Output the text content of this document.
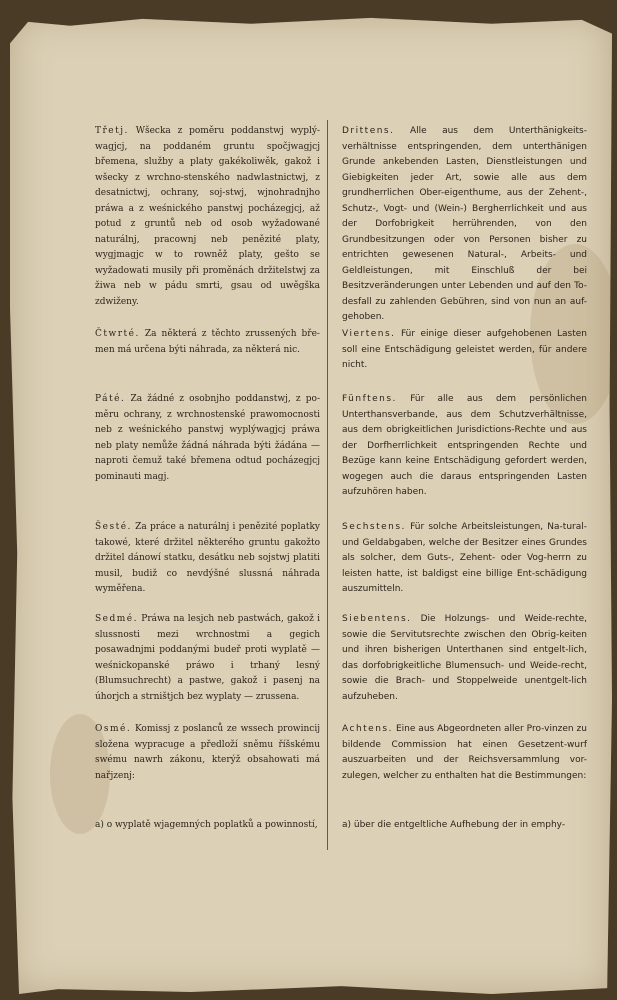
Třetj. Wšecka z poměru poddanstwj wyplý-wagjcj, na poddaném gruntu spočjwagjcj břemena, služby a platy gakékoliwěk, gakož i wšecky z wrchno-stenského nadwlastnictwj, z desatnictwj, ochrany, soj-stwj, wjnohradnjho práwa a z weśnického panstwj pocházegjcj, až potud z gruntů neb od osob wyžadowané naturálnj, pracownj neb penězité platy, wygjmagjc w to rowněž platy, gešto se wyžadowati musily při proměnách držitelstwj za žiwa neb w pádu smrti, gsau od uwěgška zdwiženy.

Čtwrté. Za některá z těchto zrussených bře-men má určena býti náhrada, za některá nic.

Páté. Za žádné z osobnjho poddanstwj, z po-měru ochrany, z wrchnostenské prawomocnosti neb z weśnického panstwj wyplýwagjcj práwa neb platy nemůže žádná náhrada býti žádána — naproti čemuž také břemena odtud pocházegjcj pominauti magj.

Šesté. Za práce a naturálnj i penězité poplatky takowé, které držitel některého gruntu gakožto držitel dánowí statku, desátku neb sojstwj platiti musil, budiž co nevdýšné slussná náhrada wyměřena.

Sedmé. Práwa na lesjch neb pastwách, gakož i slussnosti mezi wrchnostmi a gegich posawadnjmi poddanými budeř proti wyplatě — weśnickopanské práwo i trhaný lesný (Blumsuchrecht) a pastwe, gakož i pasenj na úhorjch a strništjch bez wyplaty — zrussena.

Osmé. Komissj z poslanců ze wssech prowincij složena wypracuge a předloží sněmu říšskému swému nawrh zákonu, kterýž obsahowati má nařjzenj:

a) o wyplatě wjagemných poplatků a powinností,

Drittens. Alle aus dem Unterthänigkeits-verhältnisse entspringenden, dem unterthänigen Grunde ankebenden Lasten, Dienstleistungen und Giebigkeiten jeder Art, sowie alle aus dem grundherrlichen Ober-eigenthume, aus der Zehent-, Schutz-, Vogt- und (Wein-) Bergherrlichkeit und aus der Dorfobrigkeit herrührenden, von den Grundbesitzungen oder von Personen bisher zu entrichten gewesenen Natural-, Arbeits- und Geldleistungen, mit Einschluß der bei Besitzveränderungen unter Lebenden und auf den To-desfall zu zahlenden Gebühren, sind von nun an auf-gehoben.

Viertens. Für einige dieser aufgehobenen Lasten soll eine Entschädigung geleistet werden, für andere nicht.

Fünftens. Für alle aus dem persönlichen Unterthansverbande, aus dem Schutzverhältnisse, aus dem obrigkeitlichen Jurisdictions-Rechte und aus der Dorfherrlichkeit entspringenden Rechte und Bezüge kann keine Entschädigung gefordert werden, wogegen auch die daraus entspringenden Lasten aufzuhören haben.

Sechstens. Für solche Arbeitsleistungen, Na-tural- und Geldabgaben, welche der Besitzer eines Grundes als solcher, dem Guts-, Zehent- oder Vog-herrn zu leisten hatte, ist baldigst eine billige Ent-schädigung auszumitteln.

Siebentens. Die Holzungs- und Weide-rechte, sowie die Servitutsrechte zwischen den Obrig-keiten und ihren bisherigen Unterthanen sind entgelt-lich, das dorfobrigkeitliche Blumensuch- und Weide-recht, sowie die Brach- und Stoppelweide unentgelt-lich aufzuheben.

Achtens. Eine aus Abgeordneten aller Pro-vinzen zu bildende Commission hat einen Gesetzent-wurf auszuarbeiten und der Reichsversammlung vor-zulegen, welcher zu enthalten hat die Bestimmungen:

a) über die entgeltliche Aufhebung der in emphy-
